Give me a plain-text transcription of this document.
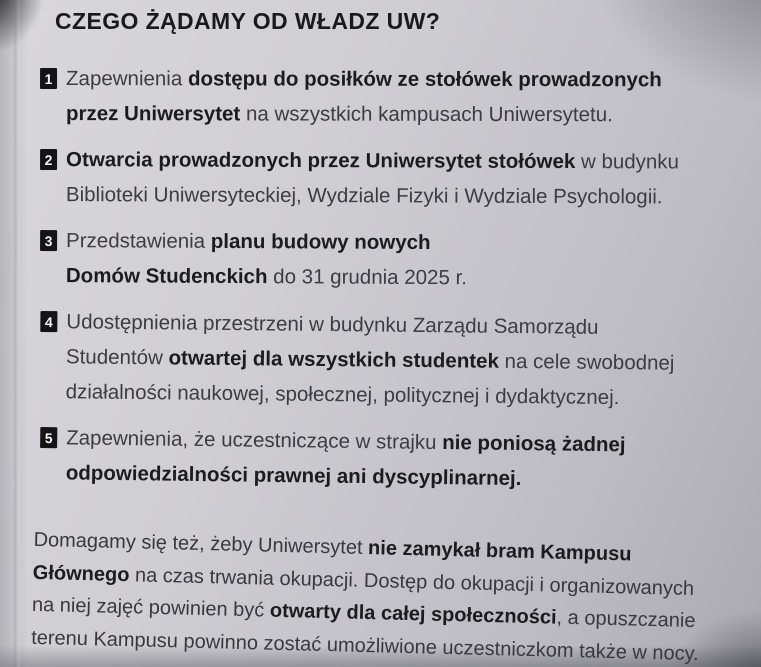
CZEGO ŻĄDAMY OD WŁADZ UW?
1 Zapewnienia dostępu do posiłków ze stołówek prowadzonych
przez Uniwersytet na wszystkich kampusach Uniwersytetu.
2 Otwarcia prowadzonych przez Uniwersytet stołówek w budynku
Biblioteki Uniwersyteckiej, Wydziale Fizyki i Wydziale Psychologii.
3 Przedstawienia planu budowy nowych
Domów Studenckich do 31 grudnia 2025 r.
4 Udostępnienia przestrzeni w budynku Zarządu Samorządu
Studentów otwartej dla wszystkich studentek na cele swobodnej
działalności naukowej, społecznej, politycznej i dydaktycznej.
5 Zapewnienia, że uczestniczące w strajku nie poniosą żadnej
odpowiedzialności prawnej ani dyscyplinarnej.
Domagamy się też, żeby Uniwersytet nie zamykał bram Kampusu
Głównego na czas trwania okupacji. Dostęp do okupacji i organizowanych
na niej zajęć powinien być otwarty dla całej społeczności, a opuszczanie
terenu Kampusu powinno zostać umożliwione uczestniczkom także w nocy.
